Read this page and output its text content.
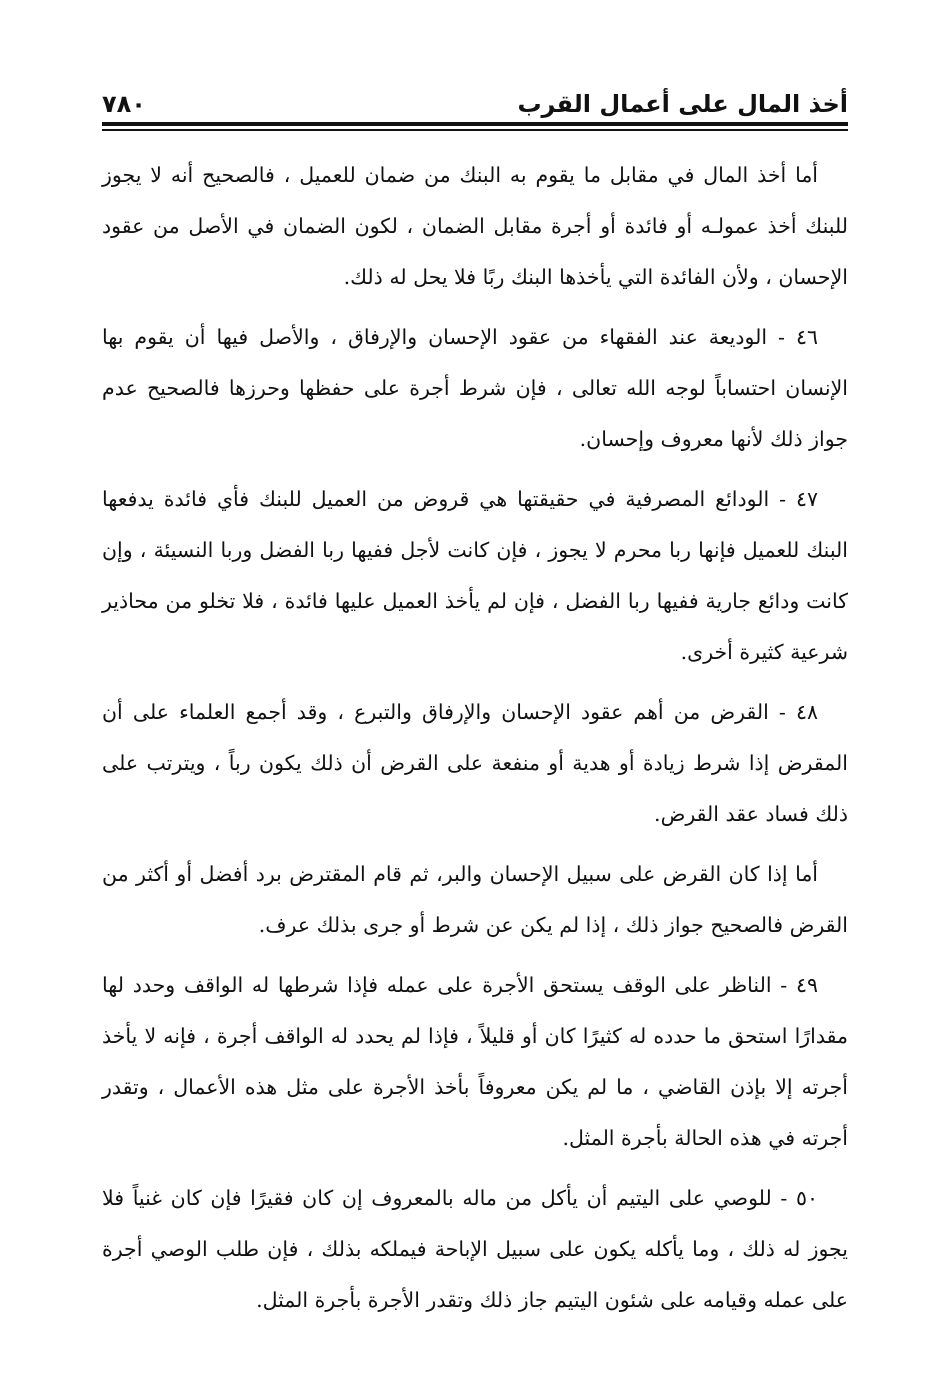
أخذ المال على أعمال القرب
٧٨٠

أما أخذ المال في مقابل ما يقوم به البنك من ضمان للعميل ، فالصحيح أنه لا يجوز للبنك أخذ عمولـه أو فائدة أو أجرة مقابل الضمان ، لكون الضمان في الأصل من عقود الإحسان ، ولأن الفائدة التي يأخذها البنك ربًا فلا يحل له ذلك.

٤٦ - الوديعة عند الفقهاء من عقود الإحسان والإرفاق ، والأصل فيها أن يقوم بها الإنسان احتساباً لوجه الله تعالى ، فإن شرط أجرة على حفظها وحرزها فالصحيح عدم جواز ذلك لأنها معروف وإحسان.

٤٧ - الودائع المصرفية في حقيقتها هي قروض من العميل للبنك فأي فائدة يدفعها البنك للعميل فإنها ربا محرم لا يجوز ، فإن كانت لأجل ففيها ربا الفضل وربا النسيئة ، وإن كانت ودائع جارية ففيها ربا الفضل ، فإن لم يأخذ العميل عليها فائدة ، فلا تخلو من محاذير شرعية كثيرة أخرى.

٤٨ - القرض من أهم عقود الإحسان والإرفاق والتبرع ، وقد أجمع العلماء على أن المقرض إذا شرط زيادة أو هدية أو منفعة على القرض أن ذلك يكون رباً ، ويترتب على ذلك فساد عقد القرض.

أما إذا كان القرض على سبيل الإحسان والبر، ثم قام المقترض برد أفضل أو أكثر من القرض فالصحيح جواز ذلك ، إذا لم يكن عن شرط أو جرى بذلك عرف.

٤٩ - الناظر على الوقف يستحق الأجرة على عمله فإذا شرطها له الواقف وحدد لها مقدارًا استحق ما حدده له كثيرًا كان أو قليلاً ، فإذا لم يحدد له الواقف أجرة ، فإنه لا يأخذ أجرته إلا بإذن القاضي ، ما لم يكن معروفاً بأخذ الأجرة على مثل هذه الأعمال ، وتقدر أجرته في هذه الحالة بأجرة المثل.

٥٠ - للوصي على اليتيم أن يأكل من ماله بالمعروف إن كان فقيرًا فإن كان غنياً فلا يجوز له ذلك ، وما يأكله يكون على سبيل الإباحة فيملكه بذلك ، فإن طلب الوصي أجرة على عمله وقيامه على شئون اليتيم جاز ذلك وتقدر الأجرة بأجرة المثل.
